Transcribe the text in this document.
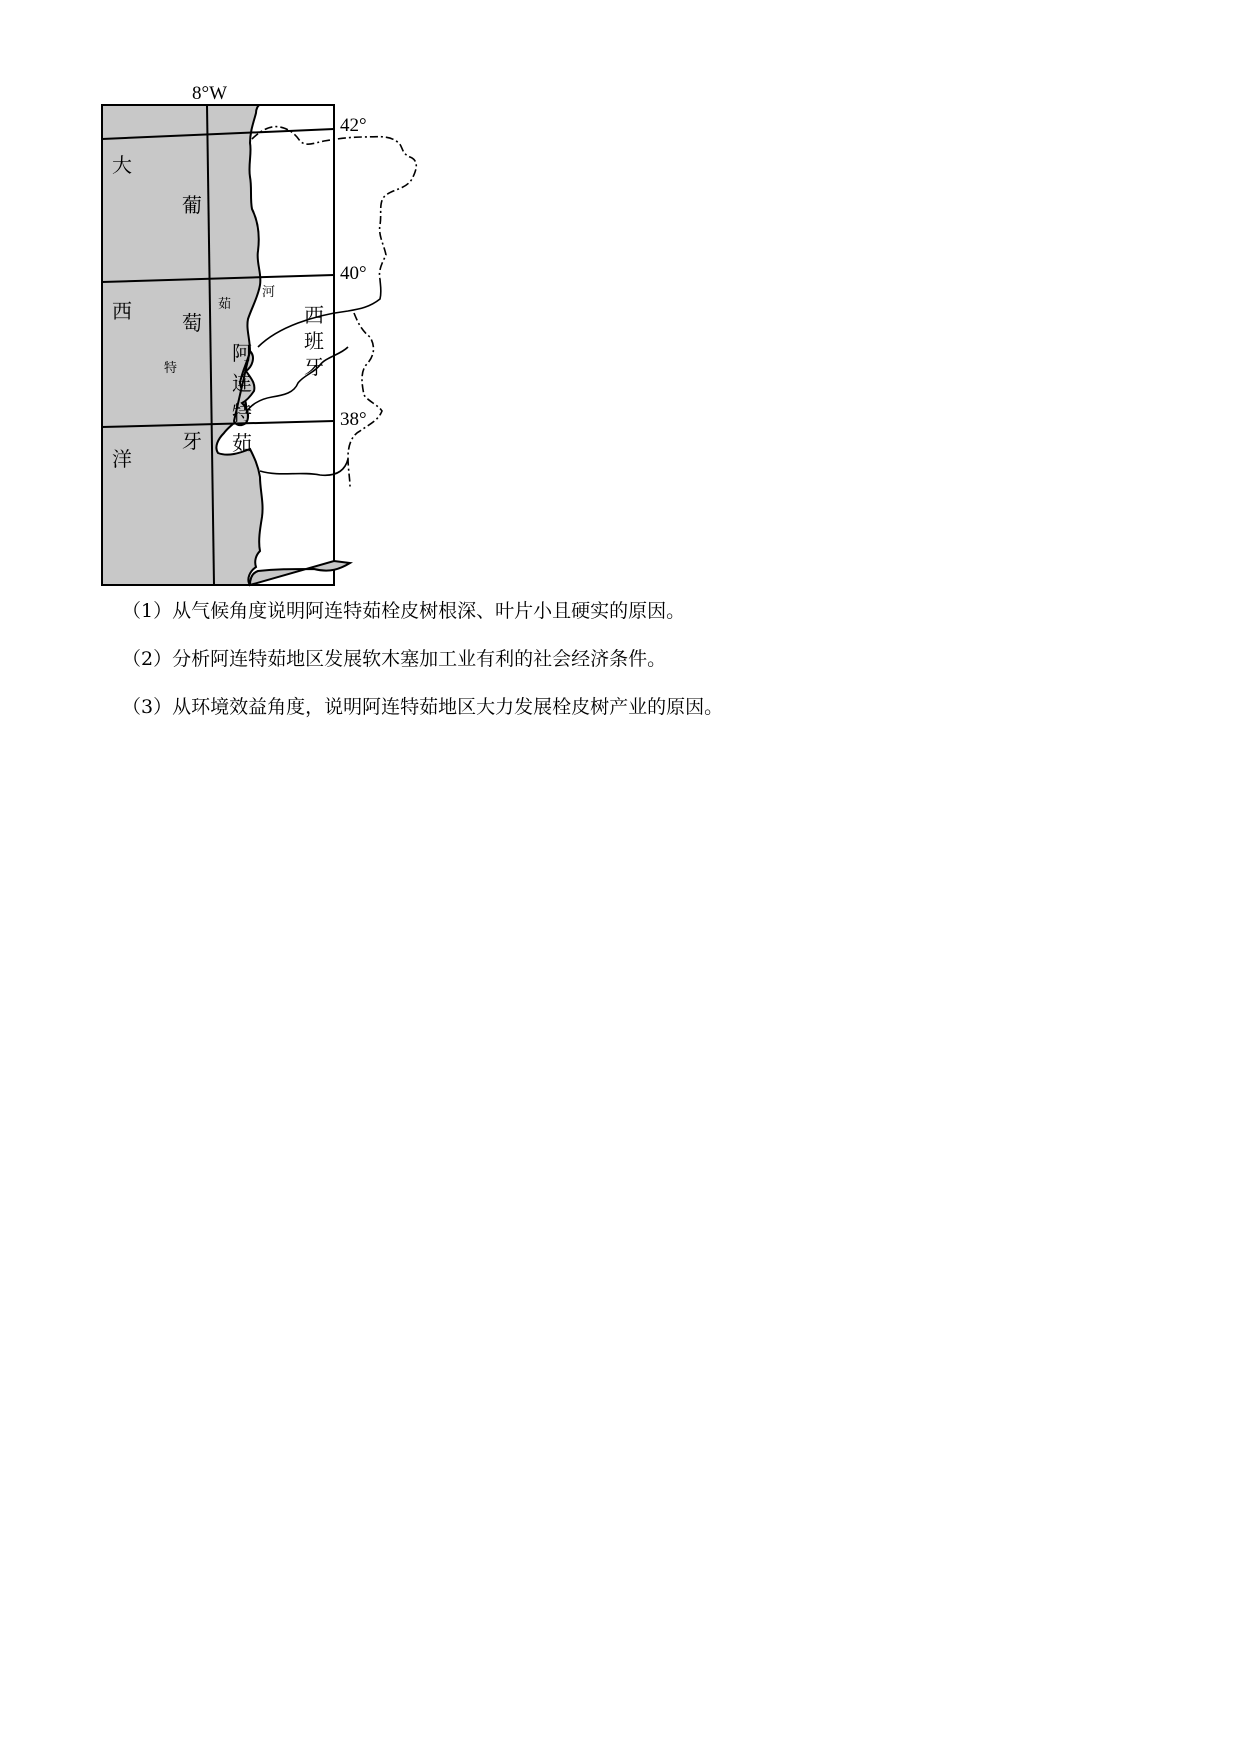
8°W
42°
40°
38°
大
西
洋
葡
萄
牙
西
班
牙
阿
连
特
茹
茹
河
特
（1）从气候角度说明阿连特茹栓皮树根深、叶片小且硬实的原因。
（2）分析阿连特茹地区发展软木塞加工业有利的社会经济条件。
（3）从环境效益角度，说明阿连特茹地区大力发展栓皮树产业的原因。
